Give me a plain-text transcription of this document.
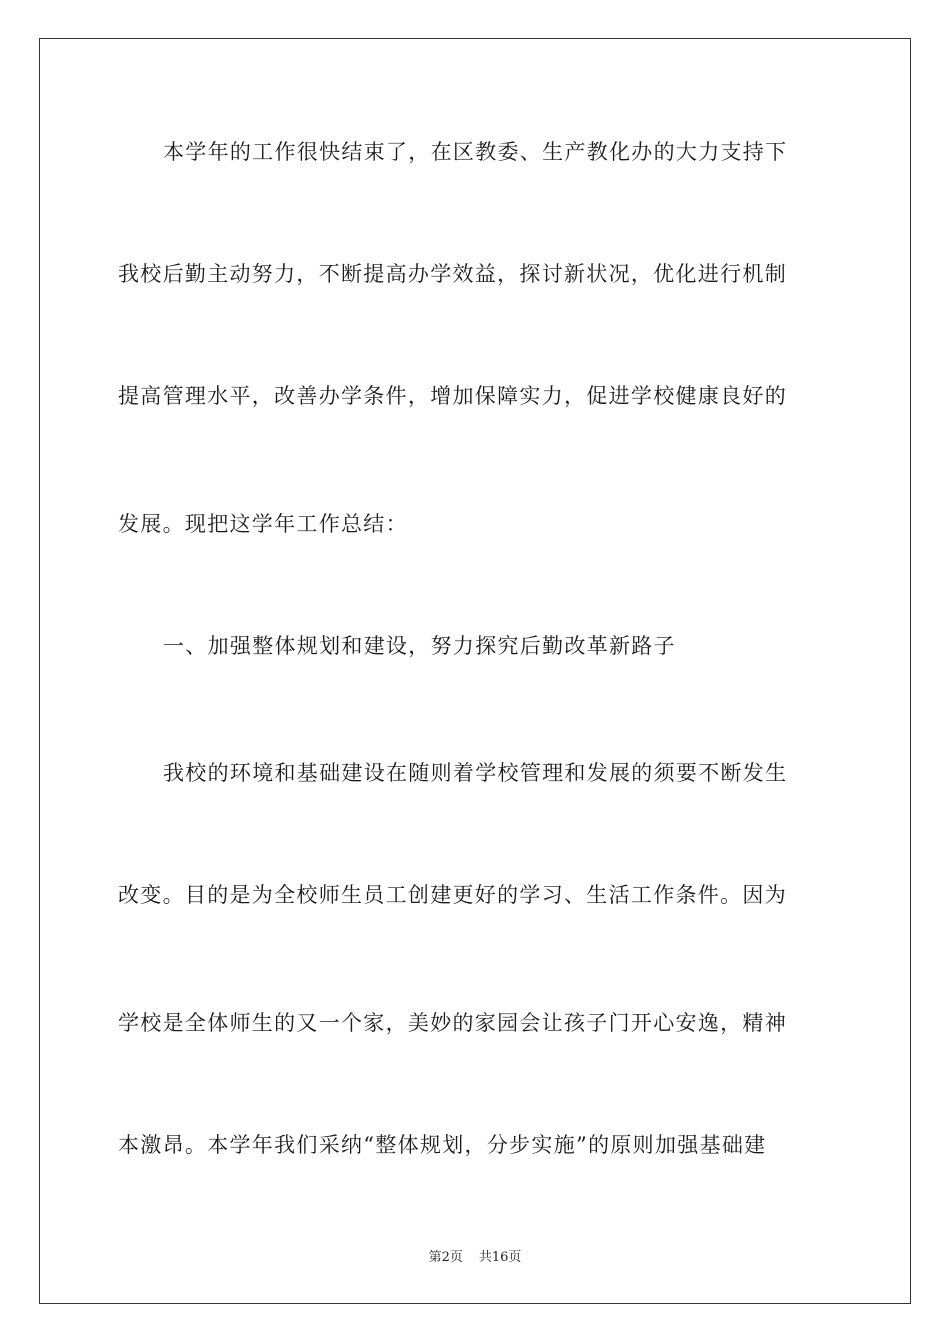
本学年的工作很快结束了，在区教委、生产教化办的大力支持下
我校后勤主动努力，不断提高办学效益，探讨新状况，优化进行机制
提高管理水平，改善办学条件，增加保障实力，促进学校健康良好的
发展。现把这学年工作总结：
一、加强整体规划和建设，努力探究后勤改革新路子
我校的环境和基础建设在随则着学校管理和发展的须要不断发生
改变。目的是为全校师生员工创建更好的学习、生活工作条件。因为
学校是全体师生的又一个家，美妙的家园会让孩子门开心安逸，精神
本激昂。本学年我们采纳“整体规划，分步实施”的原则加强基础建
第2页 共16页
